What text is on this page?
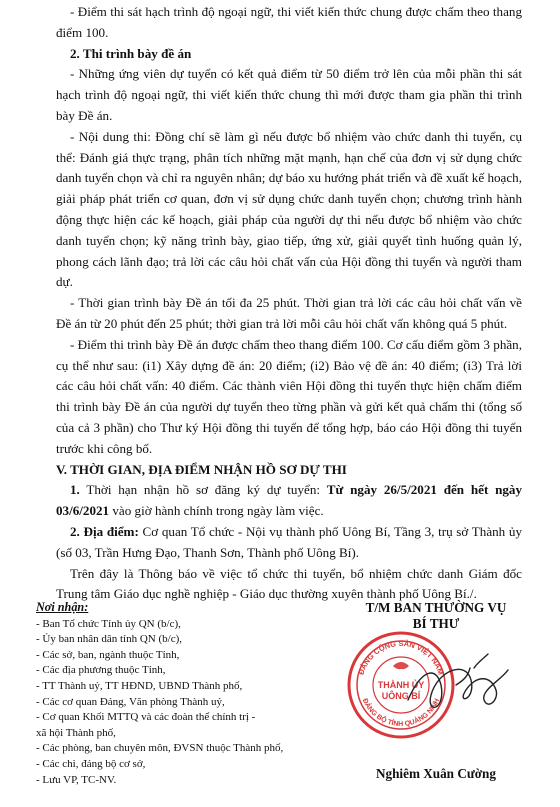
- Điểm thi sát hạch trình độ ngoại ngữ, thi viết kiến thức chung được chấm theo thang điểm 100.

2. Thi trình bày đề án

- Những ứng viên dự tuyển có kết quả điểm từ 50 điểm trở lên của mỗi phần thi sát hạch trình độ ngoại ngữ, thi viết kiến thức chung thì mới được tham gia phần thi trình bày Đề án.

- Nội dung thi: Đồng chí sẽ làm gì nếu được bổ nhiệm vào chức danh thi tuyển, cụ thể: Đánh giá thực trạng, phân tích những mặt mạnh, hạn chế của đơn vị sử dụng chức danh tuyển chọn và chỉ ra nguyên nhân; dự báo xu hướng phát triển và đề xuất kế hoạch, giải pháp phát triển cơ quan, đơn vị sử dụng chức danh tuyển chọn; chương trình hành động thực hiện các kế hoạch, giải pháp của người dự thi nếu được bổ nhiệm vào chức danh tuyển chọn; kỹ năng trình bày, giao tiếp, ứng xử, giải quyết tình huống quản lý, phong cách lãnh đạo; trả lời các câu hỏi chất vấn của Hội đồng thi tuyển và người tham dự.

- Thời gian trình bày Đề án tối đa 25 phút. Thời gian trả lời các câu hỏi chất vấn về Đề án từ 20 phút đến 25 phút; thời gian trả lời mỗi câu hỏi chất vấn không quá 5 phút.

- Điểm thi trình bày Đề án được chấm theo thang điểm 100. Cơ cấu điểm gồm 3 phần, cụ thể như sau: (i1) Xây dựng đề án: 20 điểm; (i2) Bảo vệ đề án: 40 điểm; (i3) Trả lời các câu hỏi chất vấn: 40 điểm. Các thành viên Hội đồng thi tuyển thực hiện chấm điểm thi trình bày Đề án của người dự tuyển theo từng phần và gửi kết quả chấm thi (tổng số của cả 3 phần) cho Thư ký Hội đồng thi tuyển để tổng hợp, báo cáo Hội đồng thi tuyển trước khi công bố.

V. THỜI GIAN, ĐỊA ĐIỂM NHẬN HỒ SƠ DỰ THI

1. Thời hạn nhận hồ sơ đăng ký dự tuyển: Từ ngày 26/5/2021 đến hết ngày 03/6/2021 vào giờ hành chính trong ngày làm việc.

2. Địa điểm: Cơ quan Tổ chức - Nội vụ thành phố Uông Bí, Tầng 3, trụ sở Thành ủy (số 03, Trần Hưng Đạo, Thanh Sơn, Thành phố Uông Bí).

Trên đây là Thông báo về việc tổ chức thi tuyển, bổ nhiệm chức danh Giám đốc Trung tâm Giáo dục nghề nghiệp - Giáo dục thường xuyên thành phố Uông Bí./.

Nơi nhận:
- Ban Tổ chức Tỉnh ủy QN (b/c),
- Ủy ban nhân dân tỉnh QN (b/c),
- Các sở, ban, ngành thuộc Tỉnh,
- Các địa phương thuộc Tỉnh,
- TT Thành uỷ, TT HĐND, UBND Thành phố,
- Các cơ quan Đảng, Văn phòng Thành uỷ,
- Cơ quan Khối MTTQ và các đoàn thể chính trị -
xã hội Thành phố,
- Các phòng, ban chuyên môn, ĐVSN thuộc Thành phố,
- Các chi, đảng bộ cơ sở,
- Lưu VP, TC-NV.
T/M BAN THƯỜNG VỤ
BÍ THƯ
ĐẢNG CỘNG SẢN VIỆT NAM
ĐẢNG BỘ TỈNH QUẢNG NINH
THÀNH ỦY
UÔNG BÍ
Nghiêm Xuân Cường
